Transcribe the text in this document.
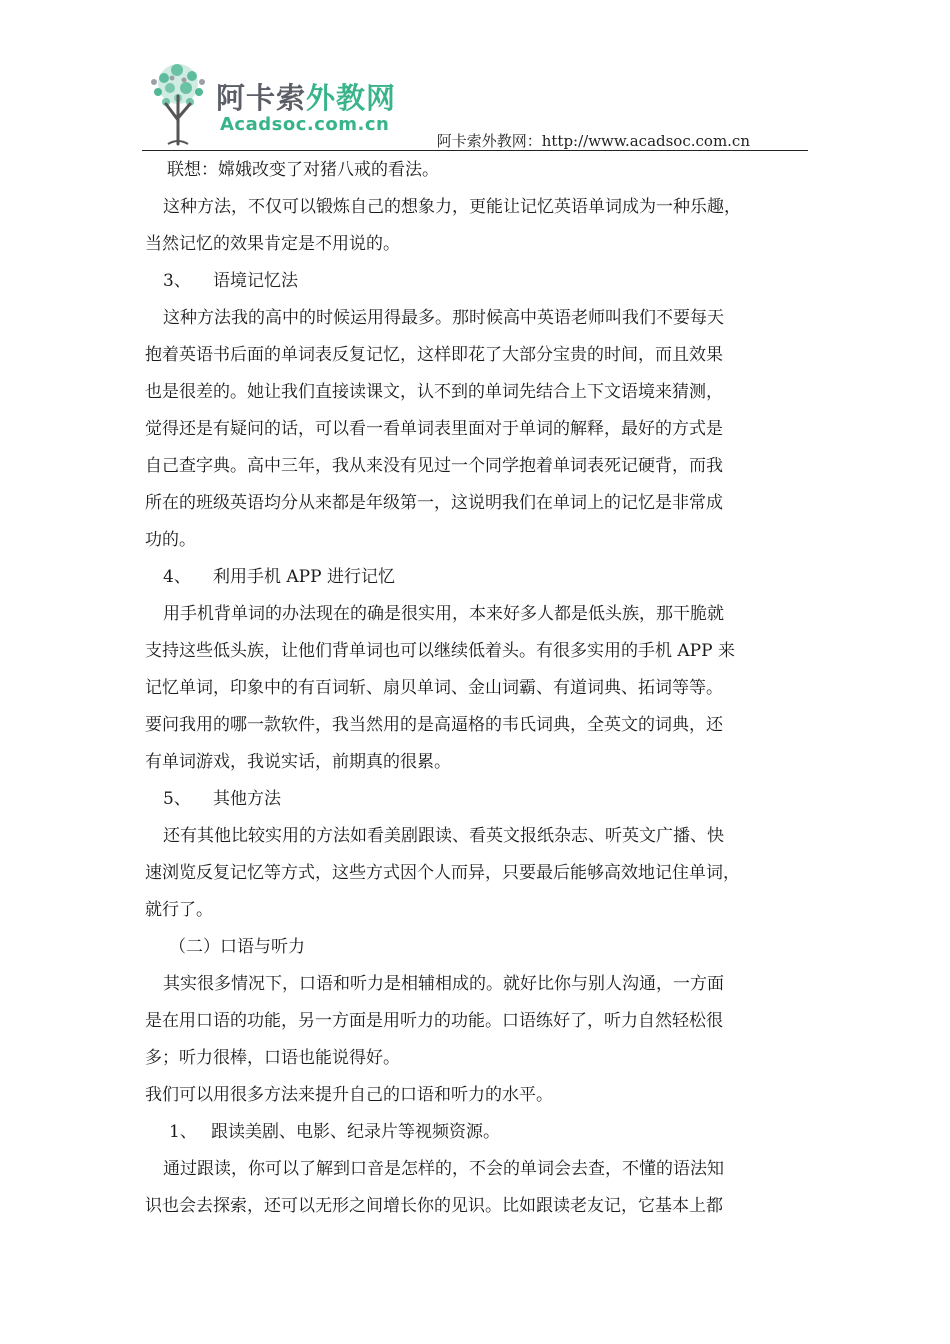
阿卡索外教网
Acadsoc.com.cn
阿卡索外教网：http://www.acadsoc.com.cn

联想：嫦娥改变了对猪八戒的看法。

这种方法，不仅可以锻炼自己的想象力，更能让记忆英语单词成为一种乐趣，

当然记忆的效果肯定是不用说的。

3、 语境记忆法

这种方法我的高中的时候运用得最多。那时候高中英语老师叫我们不要每天

抱着英语书后面的单词表反复记忆，这样即花了大部分宝贵的时间，而且效果

也是很差的。她让我们直接读课文，认不到的单词先结合上下文语境来猜测，

觉得还是有疑问的话，可以看一看单词表里面对于单词的解释，最好的方式是

自己查字典。高中三年，我从来没有见过一个同学抱着单词表死记硬背，而我

所在的班级英语均分从来都是年级第一，这说明我们在单词上的记忆是非常成

功的。

4、 利用手机 APP 进行记忆

用手机背单词的办法现在的确是很实用，本来好多人都是低头族，那干脆就

支持这些低头族，让他们背单词也可以继续低着头。有很多实用的手机 APP 来

记忆单词，印象中的有百词斩、扇贝单词、金山词霸、有道词典、拓词等等。

要问我用的哪一款软件，我当然用的是高逼格的韦氏词典，全英文的词典，还

有单词游戏，我说实话，前期真的很累。

5、 其他方法

还有其他比较实用的方法如看美剧跟读、看英文报纸杂志、听英文广播、快

速浏览反复记忆等方式，这些方式因个人而异，只要最后能够高效地记住单词，

就行了。

（二）口语与听力

其实很多情况下，口语和听力是相辅相成的。就好比你与别人沟通，一方面

是在用口语的功能，另一方面是用听力的功能。口语练好了，听力自然轻松很

多；听力很棒，口语也能说得好。

我们可以用很多方法来提升自己的口语和听力的水平。

1、 跟读美剧、电影、纪录片等视频资源。

通过跟读，你可以了解到口音是怎样的，不会的单词会去查，不懂的语法知

识也会去探索，还可以无形之间增长你的见识。比如跟读老友记，它基本上都
